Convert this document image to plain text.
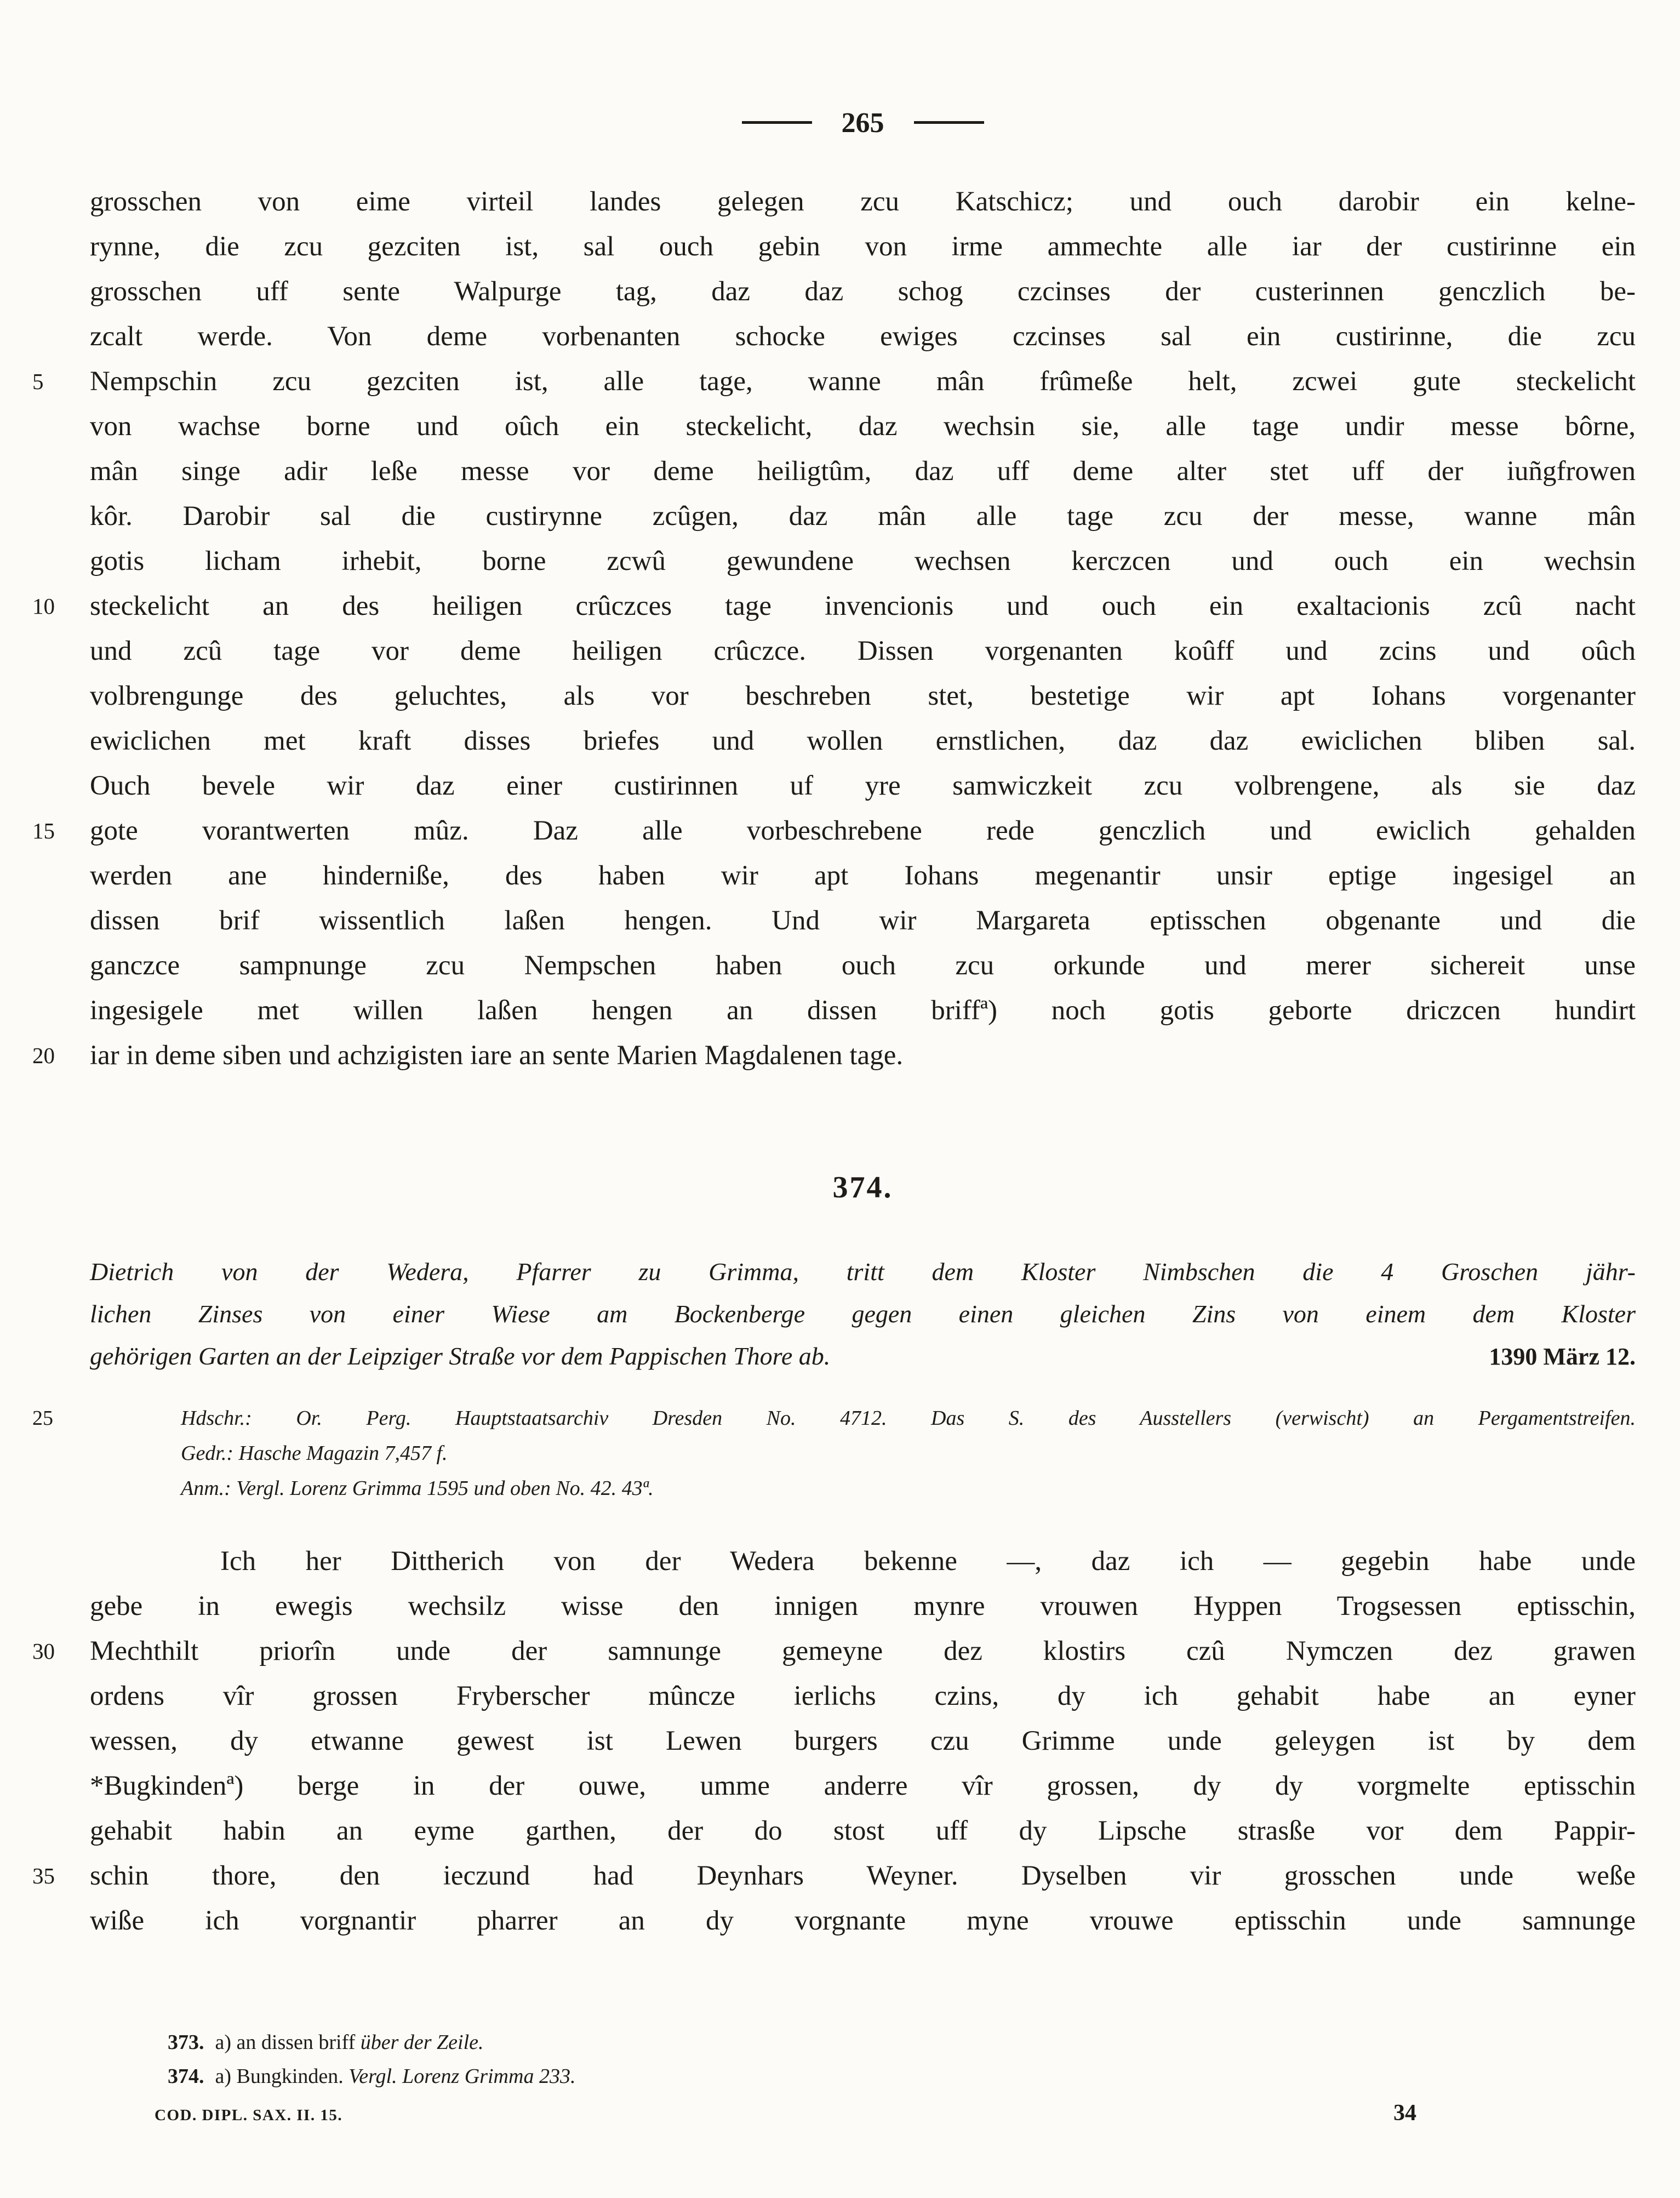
265
grosschen von eime virteil landes gelegen zcu Katschicz; und ouch darobir ein kelne-
rynne, die zcu gezciten ist, sal ouch gebin von irme ammechte alle iar der custirinne ein
grosschen uff sente Walpurge tag, daz daz schog czcinses der custerinnen genczlich be-
zcalt werde. Von deme vorbenanten schocke ewiges czcinses sal ein custirinne, die zcu
5	Nempschin zcu gezciten ist, alle tage, wanne mân frûmeße helt, zcwei gute steckelicht
von wachse borne und oûch ein steckelicht, daz wechsin sie, alle tage undir messe bôrne,
mân singe adir leße messe vor deme heiligtûm, daz uff deme alter stet uff der iuñgfrowen
kôr. Darobir sal die custirynne zcûgen, daz mân alle tage zcu der messe, wanne mân
gotis licham irhebit, borne zcwû gewundene wechsen kerczcen und ouch ein wechsin
10	steckelicht an des heiligen crûczces tage invencionis und ouch ein exaltacionis zcû nacht
und zcû tage vor deme heiligen crûczce. Dissen vorgenanten koûff und zcins und oûch
volbrengunge des geluchtes, als vor beschreben stet, bestetige wir apt Iohans vorgenanter
ewiclichen met kraft disses briefes und wollen ernstlichen, daz daz ewiclichen bliben sal.
Ouch bevele wir daz einer custirinnen uf yre samwiczkeit zcu volbrengene, als sie daz
15	gote vorantwerten mûz. Daz alle vorbeschrebene rede genczlich und ewiclich gehalden
werden ane hinderniße, des haben wir apt Iohans megenantir unsir eptige ingesigel an
dissen brif wissentlich laßen hengen. Und wir Margareta eptisschen obgenante und die
ganczce sampnunge zcu Nempschen haben ouch zcu orkunde und merer sichereit unse
ingesigele met willen laßen hengen an dissen briffª) noch gotis geborte driczcen hundirt
20	iar in deme siben und achzigisten iare an sente Marien Magdalenen tage.
374.
Dietrich von der Wedera, Pfarrer zu Grimma, tritt dem Kloster Nimbschen die 4 Groschen jähr-
lichen Zinses von einer Wiese am Bockenberge gegen einen gleichen Zins von einem dem Kloster
gehörigen Garten an der Leipziger Straße vor dem Pappischen Thore ab.	1390 März 12.
25	Hdschr.: Or. Perg. Hauptstaatsarchiv Dresden No. 4712. Das S. des Ausstellers (verwischt) an Pergamentstreifen.
Gedr.: Hasche Magazin 7,457 f.
Anm.: Vergl. Lorenz Grimma 1595 und oben No. 42. 43ª.
Ich her Dittherich von der Wedera bekenne —, daz ich — gegebin habe unde
gebe in ewegis wechsilz wisse den innigen mynre vrouwen Hyppen Trogsessen eptisschin,
30	Mechthilt priorîn unde der samnunge gemeyne dez klostirs czû Nymczen dez grawen
ordens vîr grossen Fryberscher mûncze ierlichs czins, dy ich gehabit habe an eyner
wessen, dy etwanne gewest ist Lewen burgers czu Grimme unde geleygen ist by dem
*Bugkindenª) berge in der ouwe, umme anderre vîr grossen, dy dy vorgmelte eptisschin
gehabit habin an eyme garthen, der do stost uff dy Lipsche strasße vor dem Pappir-
35	schin thore, den ieczund had Deynhars Weyner. Dyselben vir grosschen unde weße
wiße ich vorgnantir pharrer an dy vorgnante myne vrouwe eptisschin unde samnunge
373. a) an dissen briff über der Zeile.
374. a) Bungkinden. Vergl. Lorenz Grimma 233.
COD. DIPL. SAX. II. 15.	34
